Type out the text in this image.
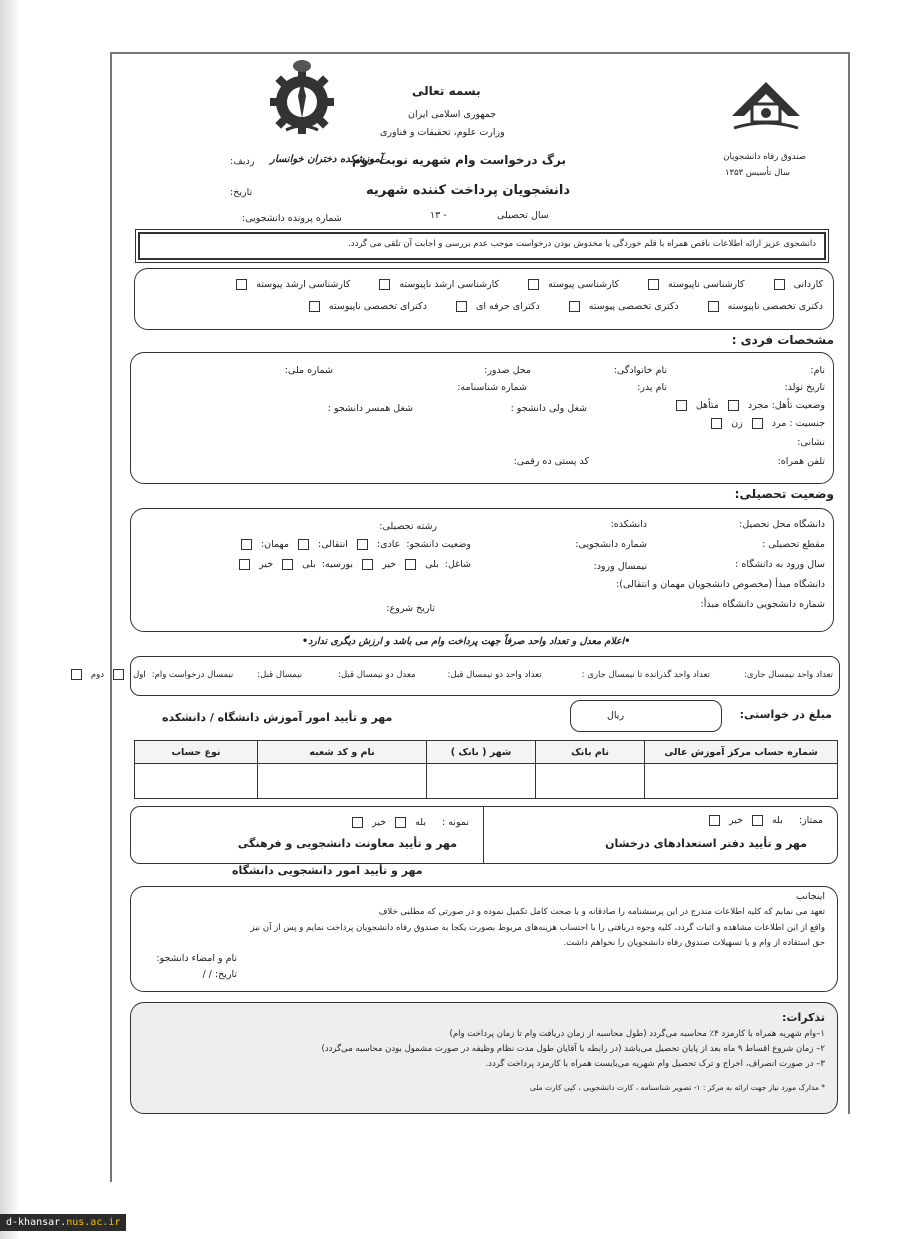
صندوق رفاه دانشجویان
سال تأسیس ١٣۵٣
بسمه تعالی
جمهوری اسلامی ایران
وزارت علوم، تحقیقات و فناوری
برگ درخواست وام شهریه نوبت دوم
آموزشکده دختران خوانسار
ردیف:
دانشجویان پرداخت کننده شهریه
تاریخ:
سال تحصیلی
- ١٣
شماره پرونده دانشجویی:
دانشجوی عزیز ارائه اطلاعات ناقص همراه با قلم خوردگی یا مخدوش بودن درخواست موجب عدم بررسی و اجابت آن تلقی می گردد.
کاردانی
کارشناسی ناپیوسته
کارشناسی پیوسته
کارشناسی ارشد ناپیوسته
کارشناسی ارشد پیوسته
دکتری تخصصی ناپیوسته
دکتری تخصصی پیوسته
دکترای حرفه ای
دکترای تخصصی ناپیوسته
مشخصات فردی :
نام:
نام خانوادگی:
محل صدور:
شماره ملی:
تاریخ تولد:
نام پدر:
شماره شناسنامه:
وضعیت تأهل: مجرد
متأهل
شغل ولی دانشجو :
شغل همسر دانشجو :
جنسیت : مرد
زن
نشانی:
تلفن همراه:
کد پستی ده رقمی:
وضعیت تحصیلی:
دانشگاه محل تحصیل:
دانشکده:
رشته تحصیلی:
مقطع تحصیلی :
شماره دانشجویی:
وضعیت دانشجو:
عادی:
انتقالی:
مهمان:
سال ورود به دانشگاه :
نیمسال ورود:
شاغل:
بلی
خیر
بورسیه:
بلی
خیر
دانشگاه مبدأ (مخصوص دانشجویان مهمان و انتقالی):
شماره دانشجویی دانشگاه مبدأ:
تاریخ شروع:
•اعلام معدل و تعداد واحد صرفاً جهت پرداخت وام می باشد و ارزش دیگری ندارد•
تعداد واحد نیمسال جاری:
تعداد واحد گذرانده تا نیمسال جاری :
تعداد واحد دو نیمسال قبل:
معدل دو نیمسال قبل:
نیمسال قبل:
نیمسال درخواست وام:
اول
دوم
مبلغ در خواستی:
ریال
مهر و تأیید امور آموزش دانشگاه / دانشکده
شماره حساب مرکز آموزش عالی	نام بانک	شهر ( بانک )	نام و کد شعبه	نوع حساب

ممتاز:
بله
خیر
مهر و تأیید دفتر استعدادهای درخشان
نمونه :
بله
خیر
مهر و تأیید معاونت دانشجویی و فرهنگی
مهر و تأیید امور دانشجویی دانشگاه
اینجانب
تعهد می نمایم که کلیه اطلاعات مندرج در این پرسشنامه را صادقانه و با صحت کامل تکمیل نموده و در صورتی که مطلبی خلاف
واقع از این اطلاعات مشاهده و اثبات گردد، کلیه وجوه دریافتی را با احتساب هزینه‌های مربوط بصورت یکجا به صندوق رفاه دانشجویان پرداخت نمایم و پس از آن نیز
حق استفاده از وام و یا تسهیلات صندوق رفاه دانشجویان را نخواهم داشت.
نام و امضاء دانشجو:
تاریخ: / /
تذکرات:
١–وام شهریه همراه با کارمزد ۴٪ محاسبه می‌گردد (طول محاسبه از زمان دریافت وام تا زمان پرداخت وام)
٢– زمان شروع اقساط ٩ ماه بعد از پایان تحصیل می‌باشد (در رابطه با آقایان طول مدت نظام وظیفه در صورت مشمول بودن محاسبه می‌گردد)
٣– در صورت انصراف، اخراج و ترک تحصیل وام شهریه می‌بایست همراه با کارمزد پرداخت گردد.
* مدارک مورد نیاز جهت ارائه به مرکز : ١- تصویر شناسنامه ، کارت دانشجویی ، کپی کارت ملی
d-khansar.nus.ac.ir
